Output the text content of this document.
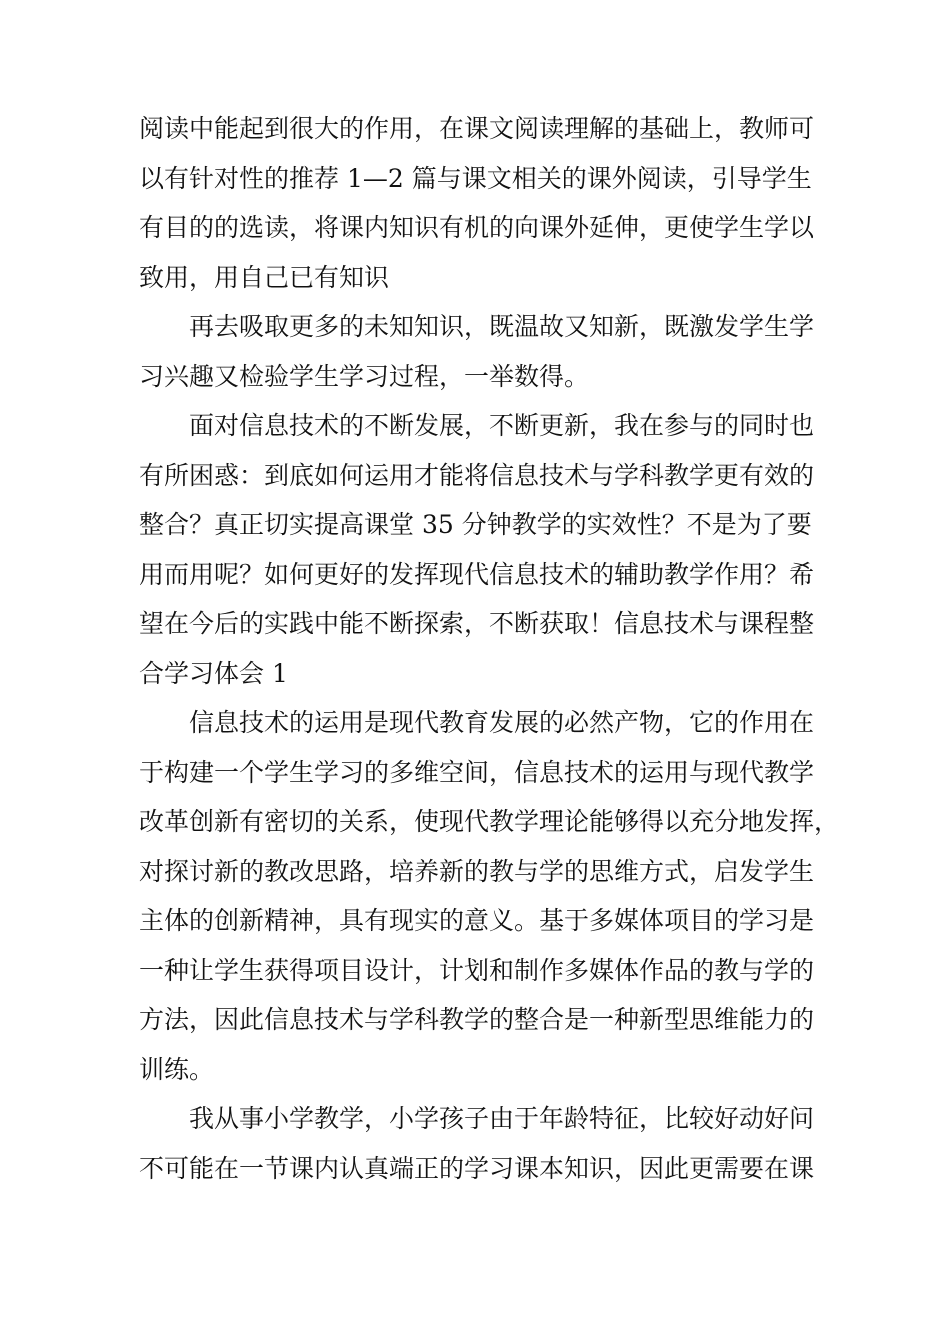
阅读中能起到很大的作用，在课文阅读理解的基础上，教师可
以有针对性的推荐 1—2 篇与课文相关的课外阅读，引导学生
有目的的选读，将课内知识有机的向课外延伸，更使学生学以
致用，用自己已有知识
　　再去吸取更多的未知知识，既温故又知新，既激发学生学
习兴趣又检验学生学习过程，一举数得。
　　面对信息技术的不断发展，不断更新，我在参与的同时也
有所困惑：到底如何运用才能将信息技术与学科教学更有效的
整合？真正切实提高课堂 35 分钟教学的实效性？不是为了要
用而用呢？如何更好的发挥现代信息技术的辅助教学作用？希
望在今后的实践中能不断探索，不断获取！信息技术与课程整
合学习体会 1
　　信息技术的运用是现代教育发展的必然产物，它的作用在
于构建一个学生学习的多维空间，信息技术的运用与现代教学
改革创新有密切的关系，使现代教学理论能够得以充分地发挥，
对探讨新的教改思路，培养新的教与学的思维方式，启发学生
主体的创新精神，具有现实的意义。基于多媒体项目的学习是
一种让学生获得项目设计，计划和制作多媒体作品的教与学的
方法，因此信息技术与学科教学的整合是一种新型思维能力的
训练。
　　我从事小学教学，小学孩子由于年龄特征，比较好动好问
不可能在一节课内认真端正的学习课本知识，因此更需要在课
